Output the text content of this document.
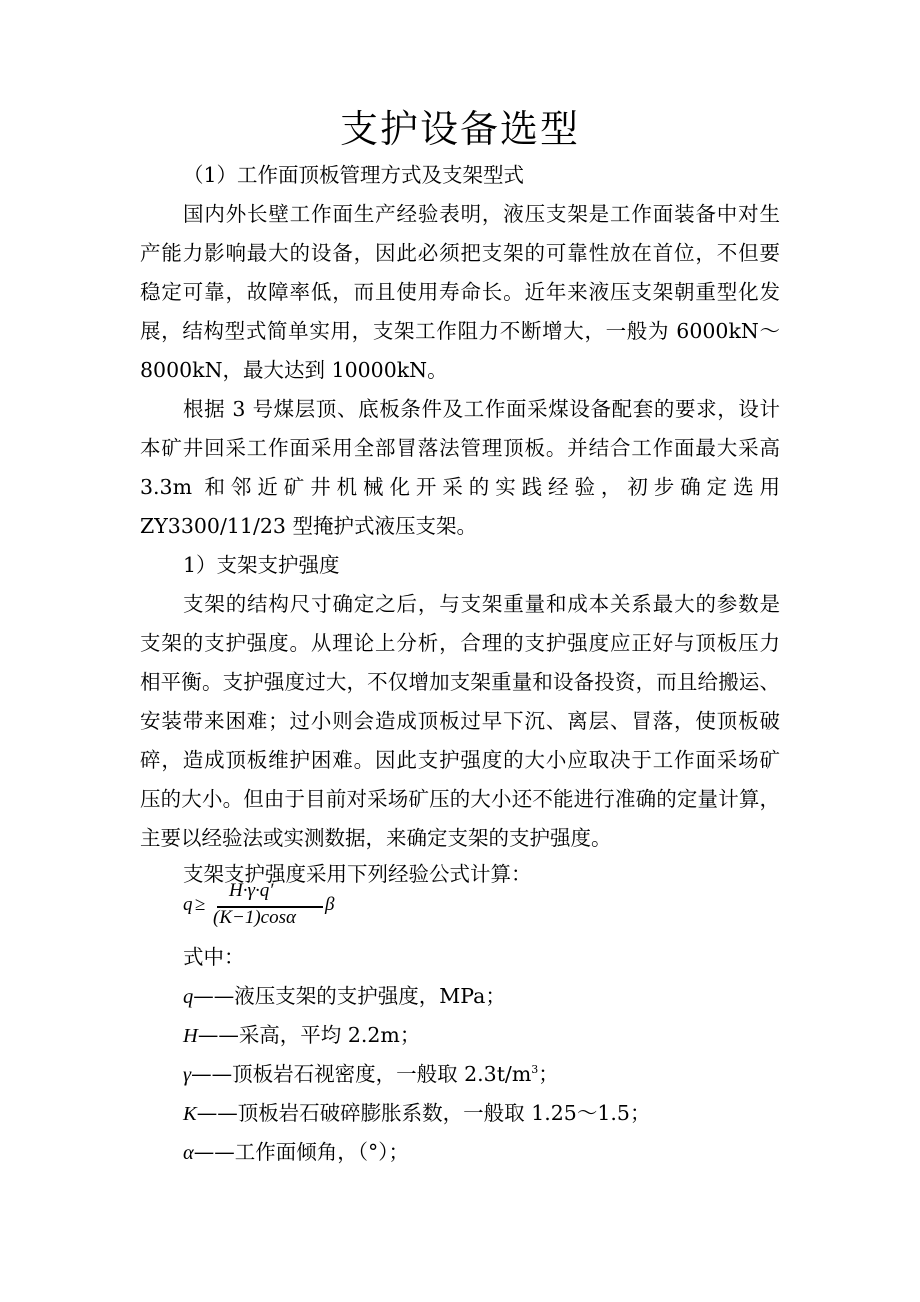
支护设备选型
（1）工作面顶板管理方式及支架型式
国内外长壁工作面生产经验表明，液压支架是工作面装备中对生
产能力影响最大的设备，因此必须把支架的可靠性放在首位，不但要
稳定可靠，故障率低，而且使用寿命长。近年来液压支架朝重型化发
展，结构型式简单实用，支架工作阻力不断增大，一般为 6000kN～
8000kN，最大达到 10000kN。
根据 3 号煤层顶、底板条件及工作面采煤设备配套的要求，设计
本矿井回采工作面采用全部冒落法管理顶板。并结合工作面最大采高
3.3m 和邻近矿井机械化开采的实践经验，初步确定选用
ZY3300/11/23 型掩护式液压支架。
1）支架支护强度
支架的结构尺寸确定之后，与支架重量和成本关系最大的参数是
支架的支护强度。从理论上分析，合理的支护强度应正好与顶板压力
相平衡。支护强度过大，不仅增加支架重量和设备投资，而且给搬运、
安装带来困难；过小则会造成顶板过早下沉、离层、冒落，使顶板破
碎，造成顶板维护困难。因此支护强度的大小应取决于工作面采场矿
压的大小。但由于目前对采场矿压的大小还不能进行准确的定量计算，
主要以经验法或实测数据，来确定支架的支护强度。
支架支护强度采用下列经验公式计算：
q ≥
H·γ·q′
(K−1)cosα
β
式中：
q——液压支架的支护强度，MPa；
H——采高，平均 2.2m；
γ——顶板岩石视密度，一般取 $2.3t/m^3$；
K——顶板岩石破碎膨胀系数，一般取 1.25～1.5；
α——工作面倾角，（°）；
